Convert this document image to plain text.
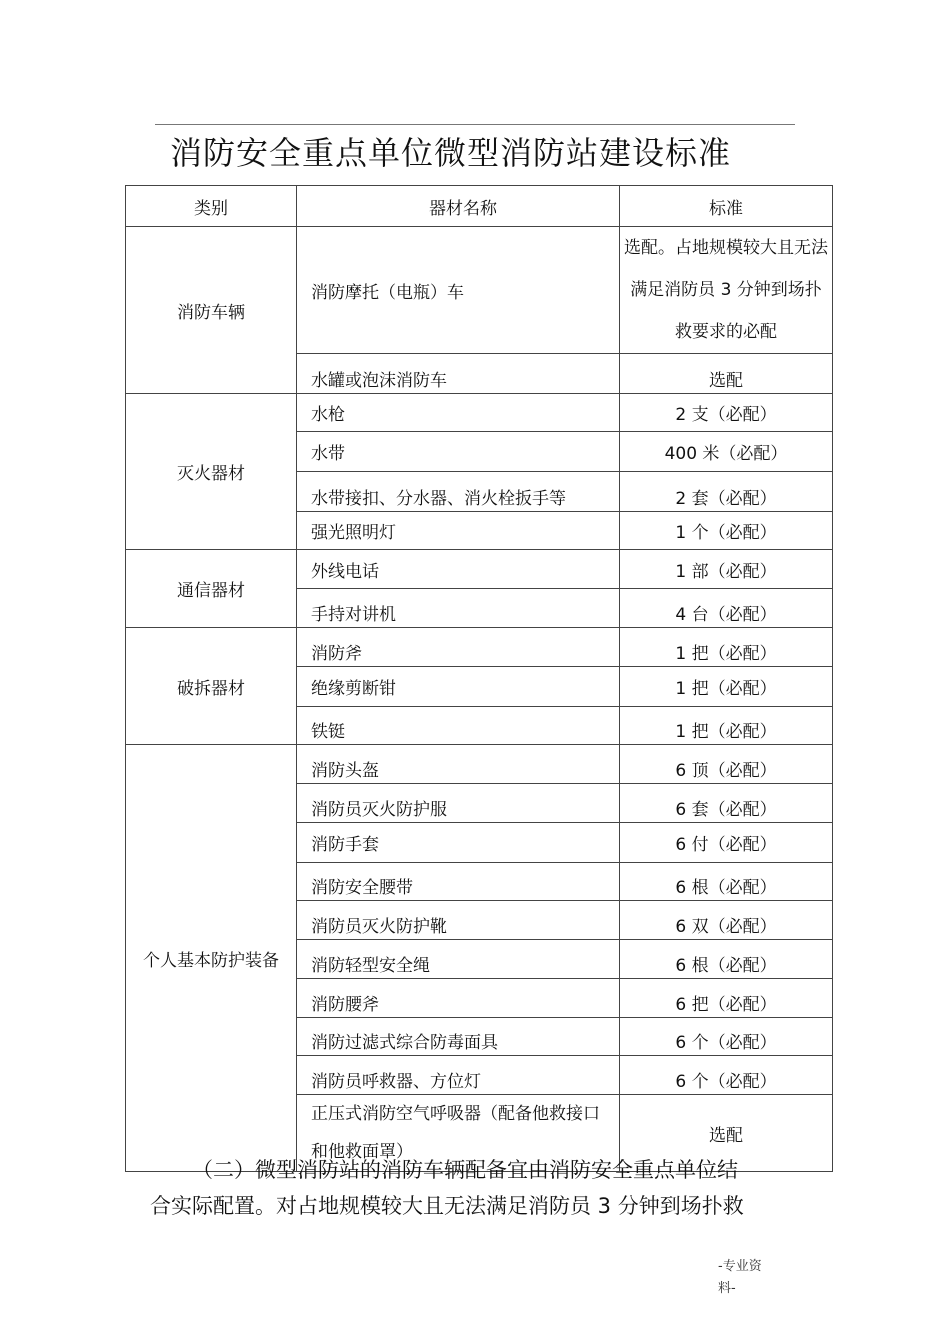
消防安全重点单位微型消防站建设标准
类别	器材名称	标准
消防车辆	消防摩托（电瓶）车	选配。占地规模较大且无法满足消防员 3 分钟到场扑救要求的必配
	水罐或泡沫消防车	选配
灭火器材	水枪	2 支（必配）
	水带	400 米（必配）
	水带接扣、分水器、消火栓扳手等	2 套（必配）
	强光照明灯	1 个（必配）
通信器材	外线电话	1 部（必配）
	手持对讲机	4 台（必配）
破拆器材	消防斧	1 把（必配）
	绝缘剪断钳	1 把（必配）
	铁铤	1 把（必配）
个人基本防护装备	消防头盔	6 顶（必配）
	消防员灭火防护服	6 套（必配）
	消防手套	6 付（必配）
	消防安全腰带	6 根（必配）
	消防员灭火防护靴	6 双（必配）
	消防轻型安全绳	6 根（必配）
	消防腰斧	6 把（必配）
	消防过滤式综合防毒面具	6 个（必配）
	消防员呼救器、方位灯	6 个（必配）
	正压式消防空气呼吸器（配备他救接口和他救面罩）	选配

（二）微型消防站的消防车辆配备宜由消防安全重点单位结

合实际配置。对占地规模较大且无法满足消防员 3 分钟到场扑救

-专业资
料-
